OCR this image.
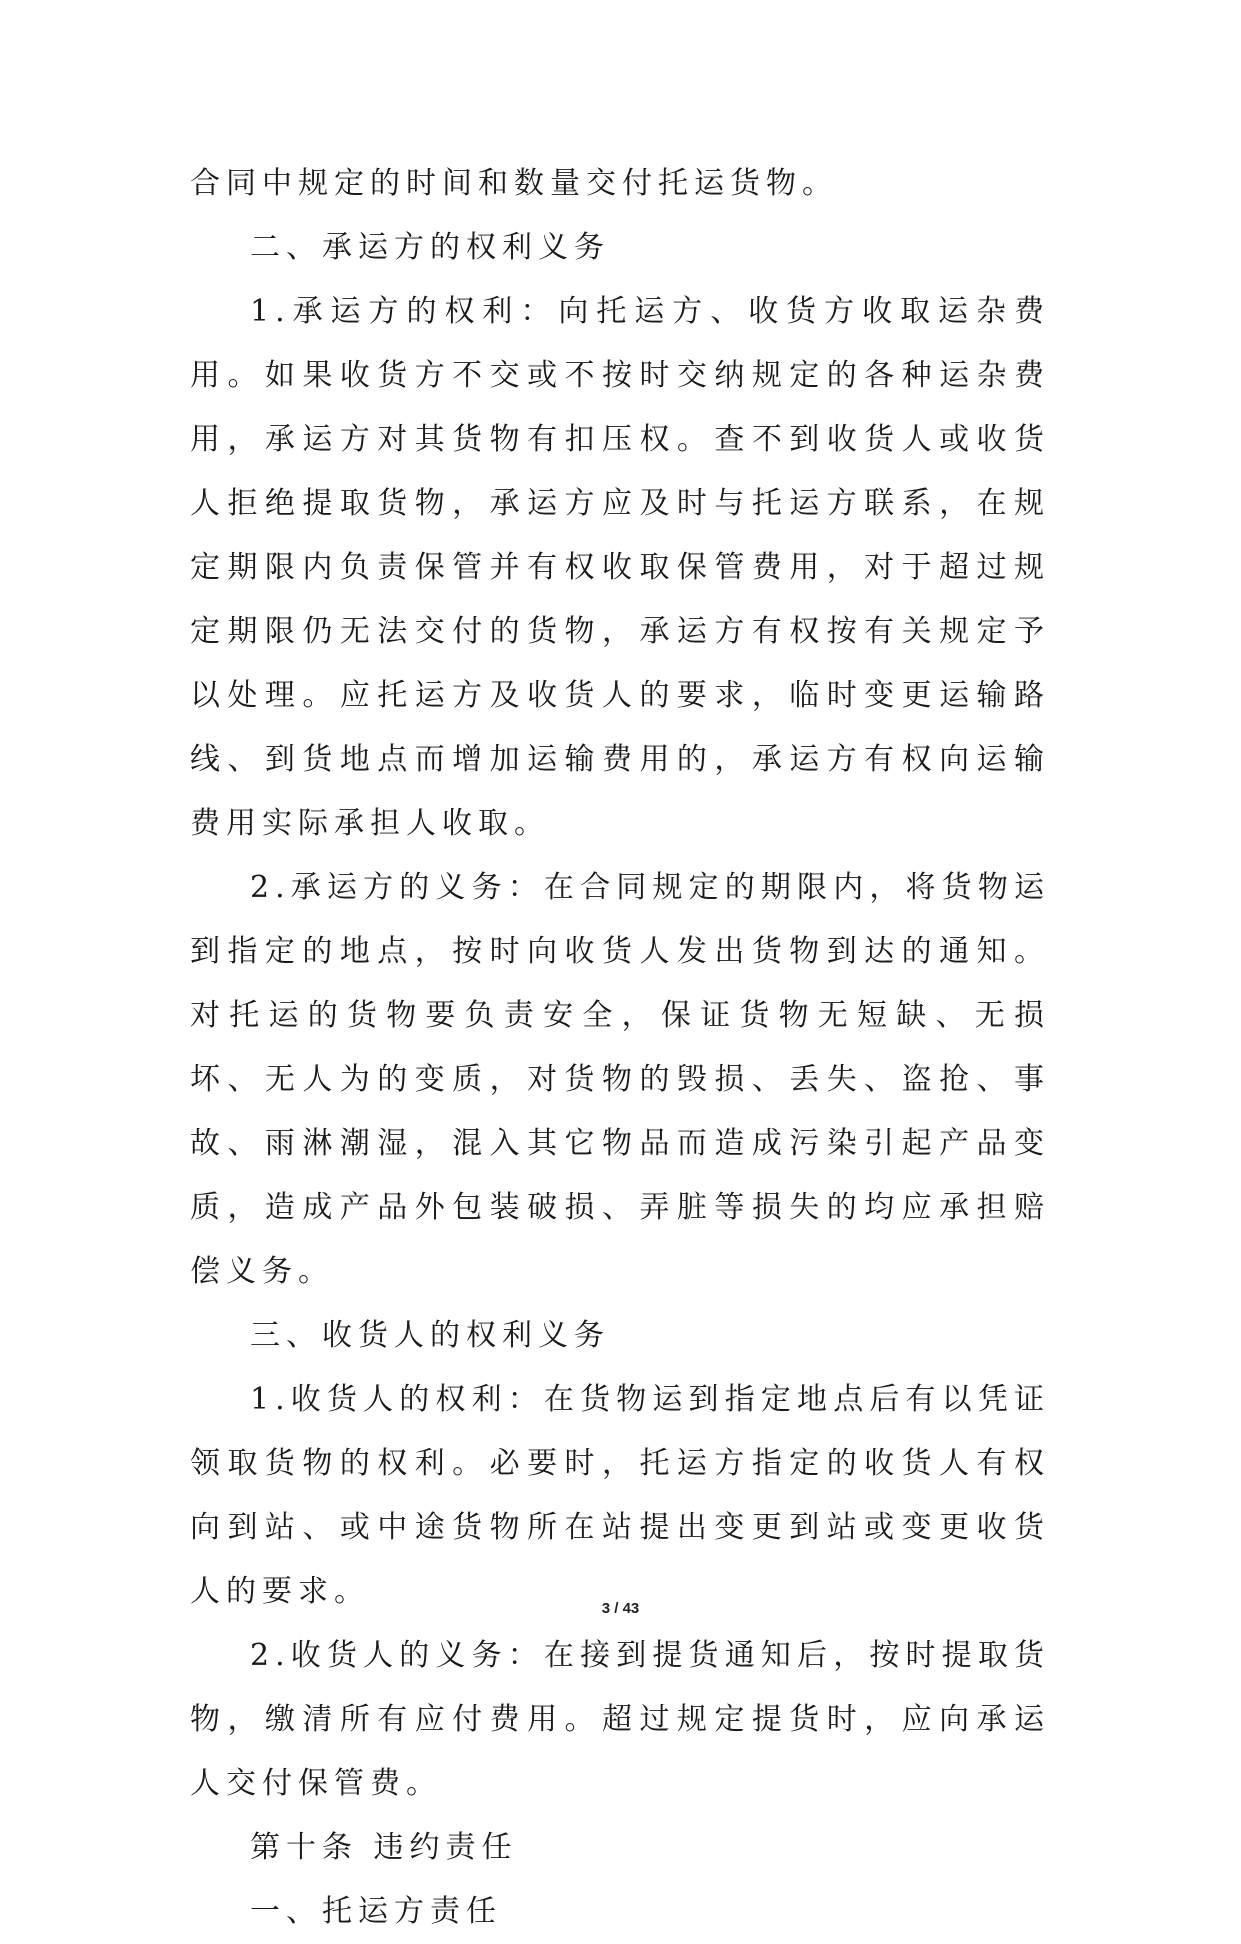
合同中规定的时间和数量交付托运货物。

二、承运方的权利义务

1.承运方的权利：向托运方、收货方收取运杂费用。如果收货方不交或不按时交纳规定的各种运杂费用，承运方对其货物有扣压权。查不到收货人或收货人拒绝提取货物，承运方应及时与托运方联系，在规定期限内负责保管并有权收取保管费用，对于超过规定期限仍无法交付的货物，承运方有权按有关规定予以处理。应托运方及收货人的要求，临时变更运输路线、到货地点而增加运输费用的，承运方有权向运输费用实际承担人收取。

2.承运方的义务：在合同规定的期限内，将货物运到指定的地点，按时向收货人发出货物到达的通知。对托运的货物要负责安全，保证货物无短缺、无损坏、无人为的变质，对货物的毁损、丢失、盗抢、事故、雨淋潮湿，混入其它物品而造成污染引起产品变质，造成产品外包装破损、弄脏等损失的均应承担赔偿义务。

三、收货人的权利义务

1.收货人的权利：在货物运到指定地点后有以凭证领取货物的权利。必要时，托运方指定的收货人有权向到站、或中途货物所在站提出变更到站或变更收货人的要求。

2.收货人的义务：在接到提货通知后，按时提取货物，缴清所有应付费用。超过规定提货时，应向承运人交付保管费。

第十条 违约责任

一、托运方责任

3 / 43
